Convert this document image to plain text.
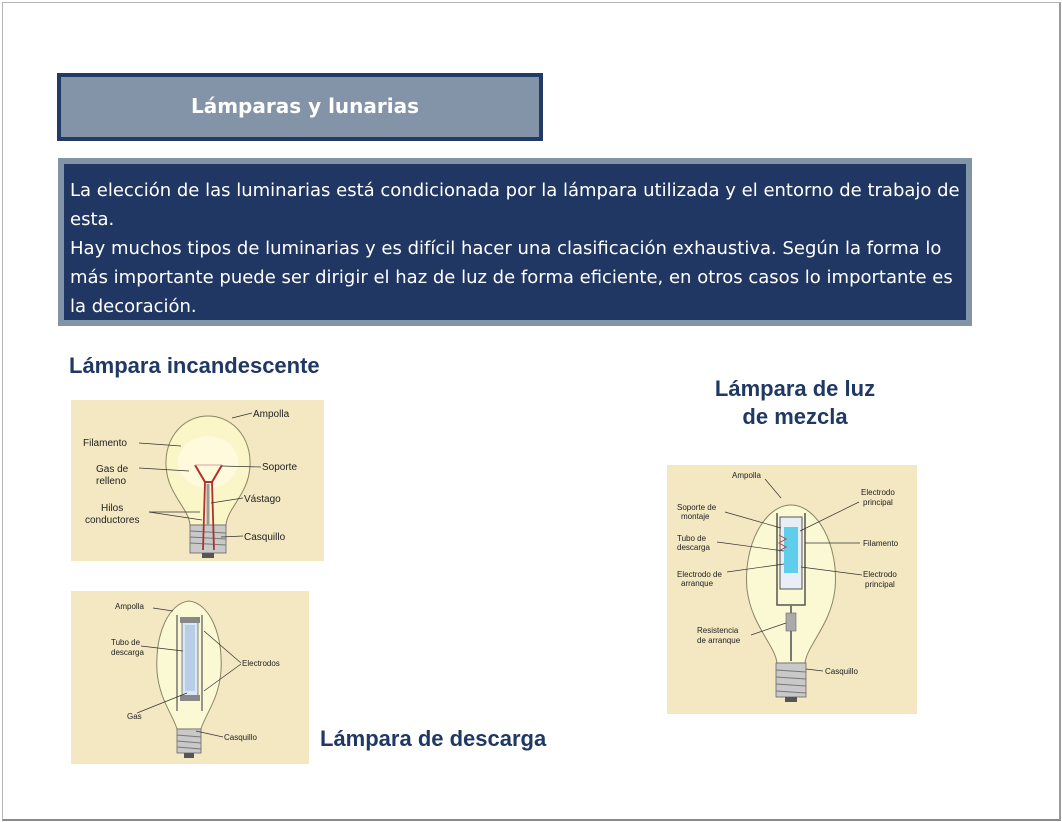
Lámparas y lunarias

La elección de las luminarias está condicionada por la lámpara utilizada y el entorno de trabajo de esta.

Hay muchos tipos de luminarias y es difícil hacer una clasificación exhaustiva. Según la forma lo más importante puede ser dirigir el haz de luz de forma eficiente, en otros casos lo importante es la decoración.

Lámpara incandescente
Lámpara de luz
de mezcla
Lámpara de descarga
Ampolla
Filamento
Gas de
relleno
Soporte
Vástago
Hilos
conductores
Casquillo
Ampolla
Tubo de
descarga
Electrodos
Gas
Casquillo
Ampolla
Soporte de
montaje
Electrodo
principal
Tubo de
descarga	Filamento
Electrodo de
arranque
Electrodo
principal
Resistencia
de arranque
Casquillo
